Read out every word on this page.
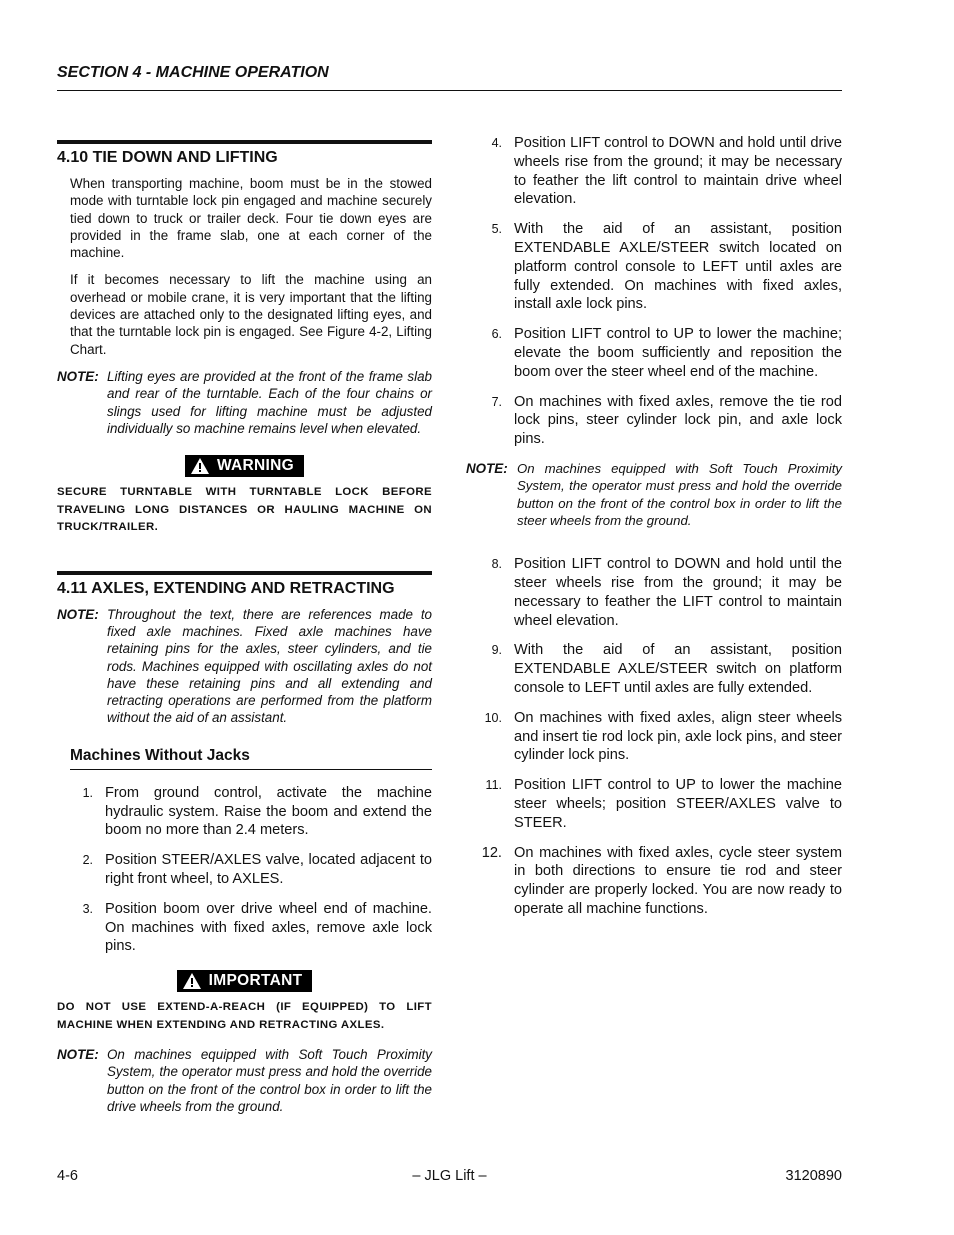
SECTION 4 - MACHINE OPERATION
4.10 TIE DOWN AND LIFTING

When transporting machine, boom must be in the stowed mode with turntable lock pin engaged and machine securely tied down to truck or trailer deck. Four tie down eyes are provided in the frame slab, one at each corner of the machine.

If it becomes necessary to lift the machine using an overhead or mobile crane, it is very important that the lifting devices are attached only to the designated lifting eyes, and that the turntable lock pin is engaged. See Figure 4-2, Lifting Chart.

NOTE: Lifting eyes are provided at the front of the frame slab and rear of the turntable. Each of the four chains or slings used for lifting machine must be adjusted individually so machine remains level when elevated.
WARNING

SECURE TURNTABLE WITH TURNTABLE LOCK BEFORE TRAVELING LONG DISTANCES OR HAULING MACHINE ON TRUCK/TRAILER.

4.11 AXLES, EXTENDING AND RETRACTING
NOTE: Throughout the text, there are references made to fixed axle machines. Fixed axle machines have retaining pins for the axles, steer cylinders, and tie rods. Machines equipped with oscillating axles do not have these retaining pins and all extending and retracting operations are performed from the platform without the aid of an assistant.
Machines Without Jacks
1. From ground control, activate the machine hydraulic system. Raise the boom and extend the boom no more than 2.4 meters.
2. Position STEER/AXLES valve, located adjacent to right front wheel, to AXLES.
3. Position boom over drive wheel end of machine. On machines with fixed axles, remove axle lock pins.
IMPORTANT

DO NOT USE EXTEND-A-REACH (IF EQUIPPED) TO LIFT MACHINE WHEN EXTENDING AND RETRACTING AXLES.

NOTE: On machines equipped with Soft Touch Proximity System, the operator must press and hold the override button on the front of the control box in order to lift the drive wheels from the ground.
4. Position LIFT control to DOWN and hold until drive wheels rise from the ground; it may be necessary to feather the lift control to maintain drive wheel elevation.
5. With the aid of an assistant, position EXTENDABLE AXLE/STEER switch located on platform control console to LEFT until axles are fully extended. On machines with fixed axles, install axle lock pins.
6. Position LIFT control to UP to lower the machine; elevate the boom sufficiently and reposition the boom over the steer wheel end of the machine.
7. On machines with fixed axles, remove the tie rod lock pins, steer cylinder lock pin, and axle lock pins.
NOTE: On machines equipped with Soft Touch Proximity System, the operator must press and hold the override button on the front of the control box in order to lift the steer wheels from the ground.
8. Position LIFT control to DOWN and hold until the steer wheels rise from the ground; it may be necessary to feather the LIFT control to maintain wheel elevation.
9. With the aid of an assistant, position EXTENDABLE AXLE/STEER switch on platform console to LEFT until axles are fully extended.
10. On machines with fixed axles, align steer wheels and insert tie rod lock pin, axle lock pins, and steer cylinder lock pins.
11. Position LIFT control to UP to lower the machine steer wheels; position STEER/AXLES valve to STEER.
12. On machines with fixed axles, cycle steer system in both directions to ensure tie rod and steer cylinder are properly locked. You are now ready to operate all machine functions.
4-6	– JLG Lift –	3120890
